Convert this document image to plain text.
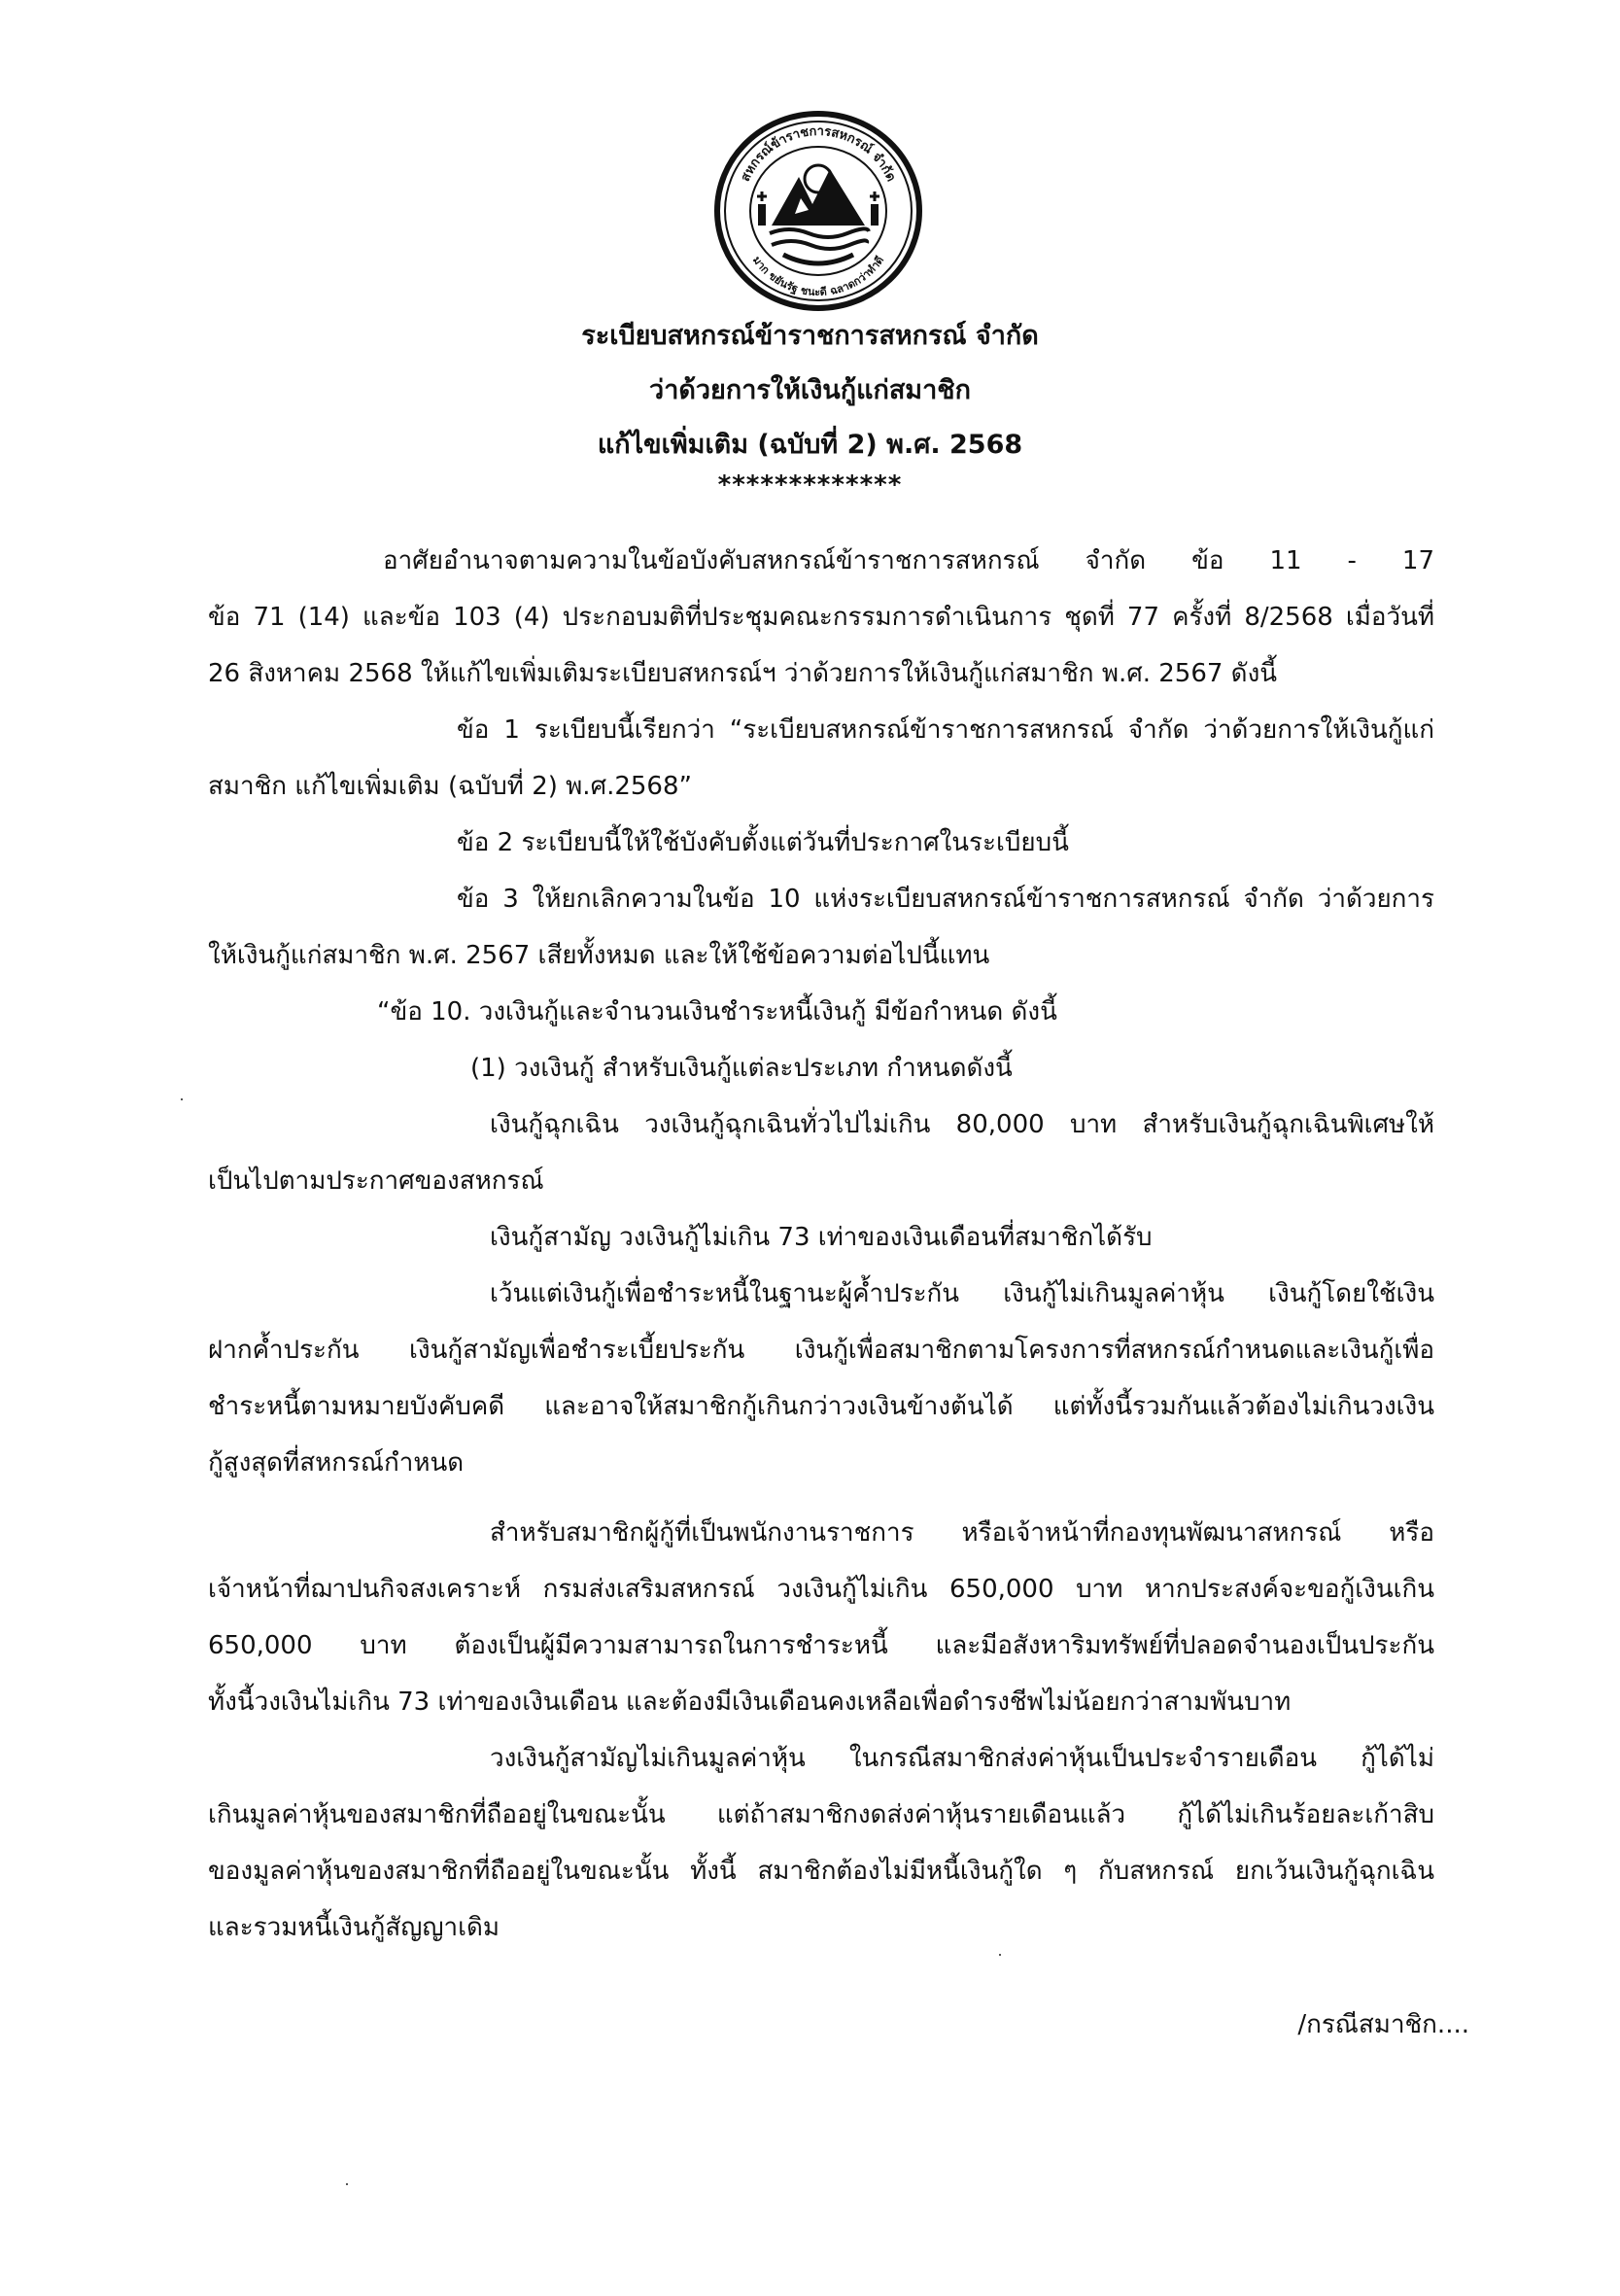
สหกรณ์ข้าราชการสหกรณ์ จำกัด
มาก ขยันรัฐ ชนะดี ฉลาดกว่าทำดี
ระเบียบสหกรณ์ข้าราชการสหกรณ์ จำกัด
ว่าด้วยการให้เงินกู้แก่สมาชิก
แก้ไขเพิ่มเติม (ฉบับที่ 2) พ.ศ. 2568
*************
อาศัยอำนาจตามความในข้อบังคับสหกรณ์ข้าราชการสหกรณ์ จำกัด ข้อ 11 - 17
ข้อ 71 (14) และข้อ 103 (4) ประกอบมติที่ประชุมคณะกรรมการดำเนินการ ชุดที่ 77 ครั้งที่ 8/2568 เมื่อวันที่
26 สิงหาคม 2568 ให้แก้ไขเพิ่มเติมระเบียบสหกรณ์ฯ ว่าด้วยการให้เงินกู้แก่สมาชิก พ.ศ. 2567 ดังนี้
ข้อ 1 ระเบียบนี้เรียกว่า “ระเบียบสหกรณ์ข้าราชการสหกรณ์ จำกัด ว่าด้วยการให้เงินกู้แก่
สมาชิก แก้ไขเพิ่มเติม (ฉบับที่ 2) พ.ศ.2568”
ข้อ 2 ระเบียบนี้ให้ใช้บังคับตั้งแต่วันที่ประกาศในระเบียบนี้
ข้อ 3 ให้ยกเลิกความในข้อ 10 แห่งระเบียบสหกรณ์ข้าราชการสหกรณ์ จำกัด ว่าด้วยการ
ให้เงินกู้แก่สมาชิก พ.ศ. 2567 เสียทั้งหมด และให้ใช้ข้อความต่อไปนี้แทน
“ข้อ 10. วงเงินกู้และจำนวนเงินชำระหนี้เงินกู้ มีข้อกำหนด ดังนี้
(1) วงเงินกู้ สำหรับเงินกู้แต่ละประเภท กำหนดดังนี้
เงินกู้ฉุกเฉิน วงเงินกู้ฉุกเฉินทั่วไปไม่เกิน 80,000 บาท สำหรับเงินกู้ฉุกเฉินพิเศษให้
เป็นไปตามประกาศของสหกรณ์
เงินกู้สามัญ วงเงินกู้ไม่เกิน 73 เท่าของเงินเดือนที่สมาชิกได้รับ
เว้นแต่เงินกู้เพื่อชำระหนี้ในฐานะผู้ค้ำประกัน เงินกู้ไม่เกินมูลค่าหุ้น เงินกู้โดยใช้เงิน
ฝากค้ำประกัน เงินกู้สามัญเพื่อชำระเบี้ยประกัน เงินกู้เพื่อสมาชิกตามโครงการที่สหกรณ์กำหนดและเงินกู้เพื่อ
ชำระหนี้ตามหมายบังคับคดี และอาจให้สมาชิกกู้เกินกว่าวงเงินข้างต้นได้ แต่ทั้งนี้รวมกันแล้วต้องไม่เกินวงเงิน
กู้สูงสุดที่สหกรณ์กำหนด
สำหรับสมาชิกผู้กู้ที่เป็นพนักงานราชการ หรือเจ้าหน้าที่กองทุนพัฒนาสหกรณ์ หรือ
เจ้าหน้าที่ฌาปนกิจสงเคราะห์ กรมส่งเสริมสหกรณ์ วงเงินกู้ไม่เกิน 650,000 บาท หากประสงค์จะขอกู้เงินเกิน
650,000 บาท ต้องเป็นผู้มีความสามารถในการชำระหนี้ และมีอสังหาริมทรัพย์ที่ปลอดจำนองเป็นประกัน
ทั้งนี้วงเงินไม่เกิน 73 เท่าของเงินเดือน และต้องมีเงินเดือนคงเหลือเพื่อดำรงชีพไม่น้อยกว่าสามพันบาท
วงเงินกู้สามัญไม่เกินมูลค่าหุ้น ในกรณีสมาชิกส่งค่าหุ้นเป็นประจำรายเดือน กู้ได้ไม่
เกินมูลค่าหุ้นของสมาชิกที่ถืออยู่ในขณะนั้น แต่ถ้าสมาชิกงดส่งค่าหุ้นรายเดือนแล้ว กู้ได้ไม่เกินร้อยละเก้าสิบ
ของมูลค่าหุ้นของสมาชิกที่ถืออยู่ในขณะนั้น ทั้งนี้ สมาชิกต้องไม่มีหนี้เงินกู้ใด ๆ กับสหกรณ์ ยกเว้นเงินกู้ฉุกเฉิน
และรวมหนี้เงินกู้สัญญาเดิม
/กรณีสมาชิก....
